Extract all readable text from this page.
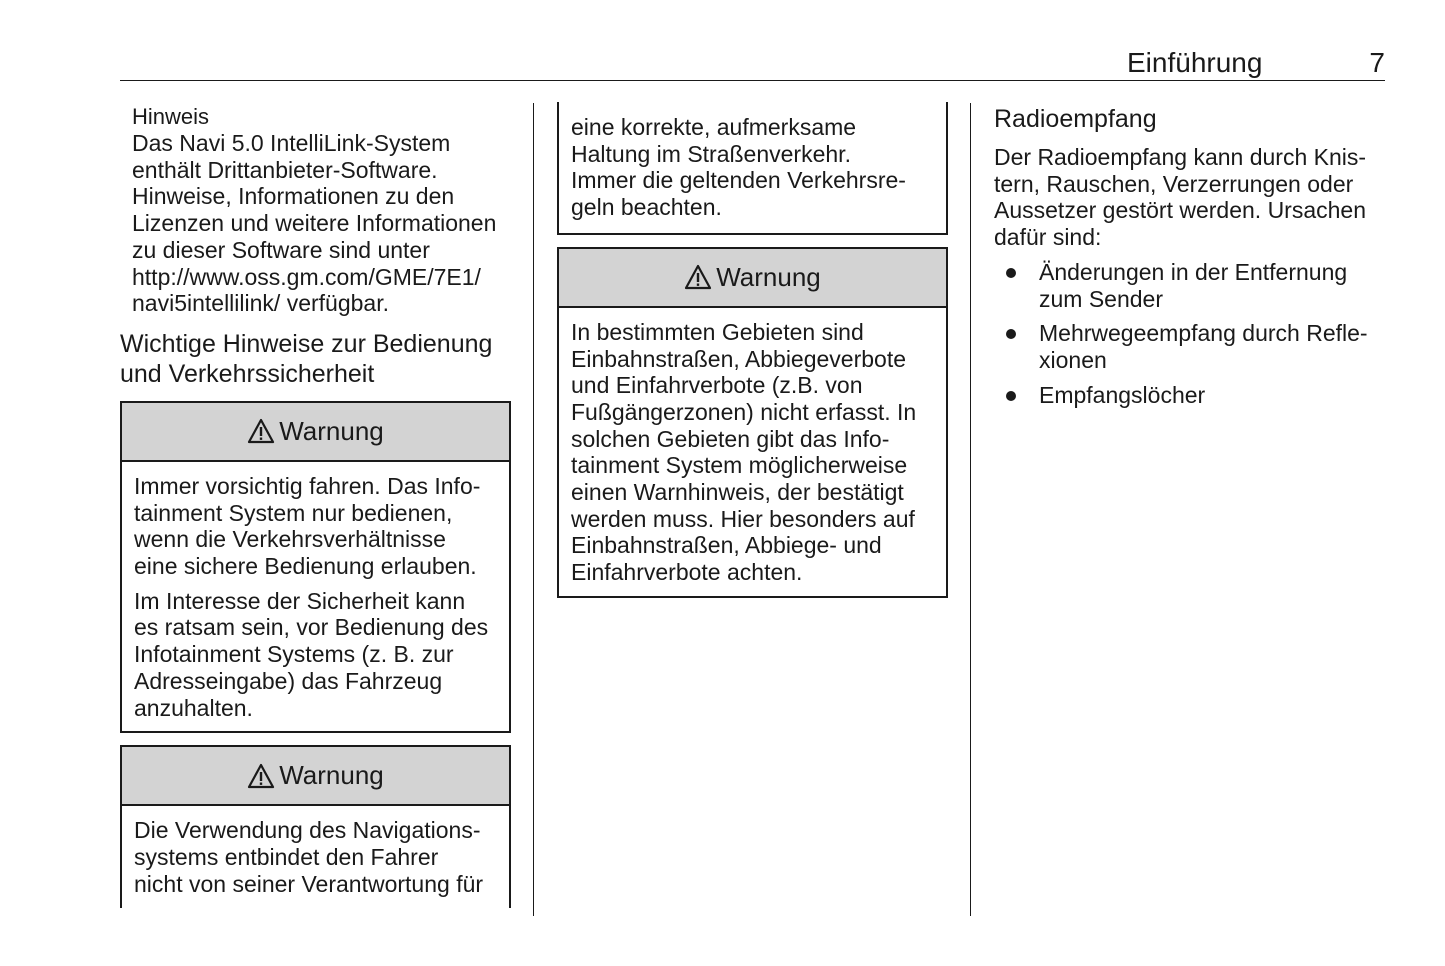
Einführung	7
Hinweis
Das Navi 5.0 IntelliLink-System
enthält Drittanbieter-Software.
Hinweise, Informationen zu den
Lizenzen und weitere Informationen
zu dieser Software sind unter
http://www.oss.gm.com/GME/7E1/
navi5intellilink/ verfügbar.
Wichtige Hinweise zur Bedienung
und Verkehrssicherheit
Warnung

Immer vorsichtig fahren. Das Info‐
tainment System nur bedienen,
wenn die Verkehrsverhältnisse
eine sichere Bedienung erlauben.

Im Interesse der Sicherheit kann
es ratsam sein, vor Bedienung des
Infotainment Systems (z. B. zur
Adresseingabe) das Fahrzeug
anzuhalten.

Warnung
Die Verwendung des Navigations‐
systems entbindet den Fahrer
nicht von seiner Verantwortung für
eine korrekte, aufmerksame
Haltung im Straßenverkehr.
Immer die geltenden Verkehrsre‐
geln beachten.
Warnung
In bestimmten Gebieten sind
Einbahnstraßen, Abbiegeverbote
und Einfahrverbote (z.B. von
Fußgängerzonen) nicht erfasst. In
solchen Gebieten gibt das Info‐
tainment System möglicherweise
einen Warnhinweis, der bestätigt
werden muss. Hier besonders auf
Einbahnstraßen, Abbiege- und
Einfahrverbote achten.
Radioempfang
Der Radioempfang kann durch Knis‐
tern, Rauschen, Verzerrungen oder
Aussetzer gestört werden. Ursachen
dafür sind:
Änderungen in der Entfernung
zum Sender
Mehrwegeempfang durch Refle‐
xionen
Empfangslöcher
